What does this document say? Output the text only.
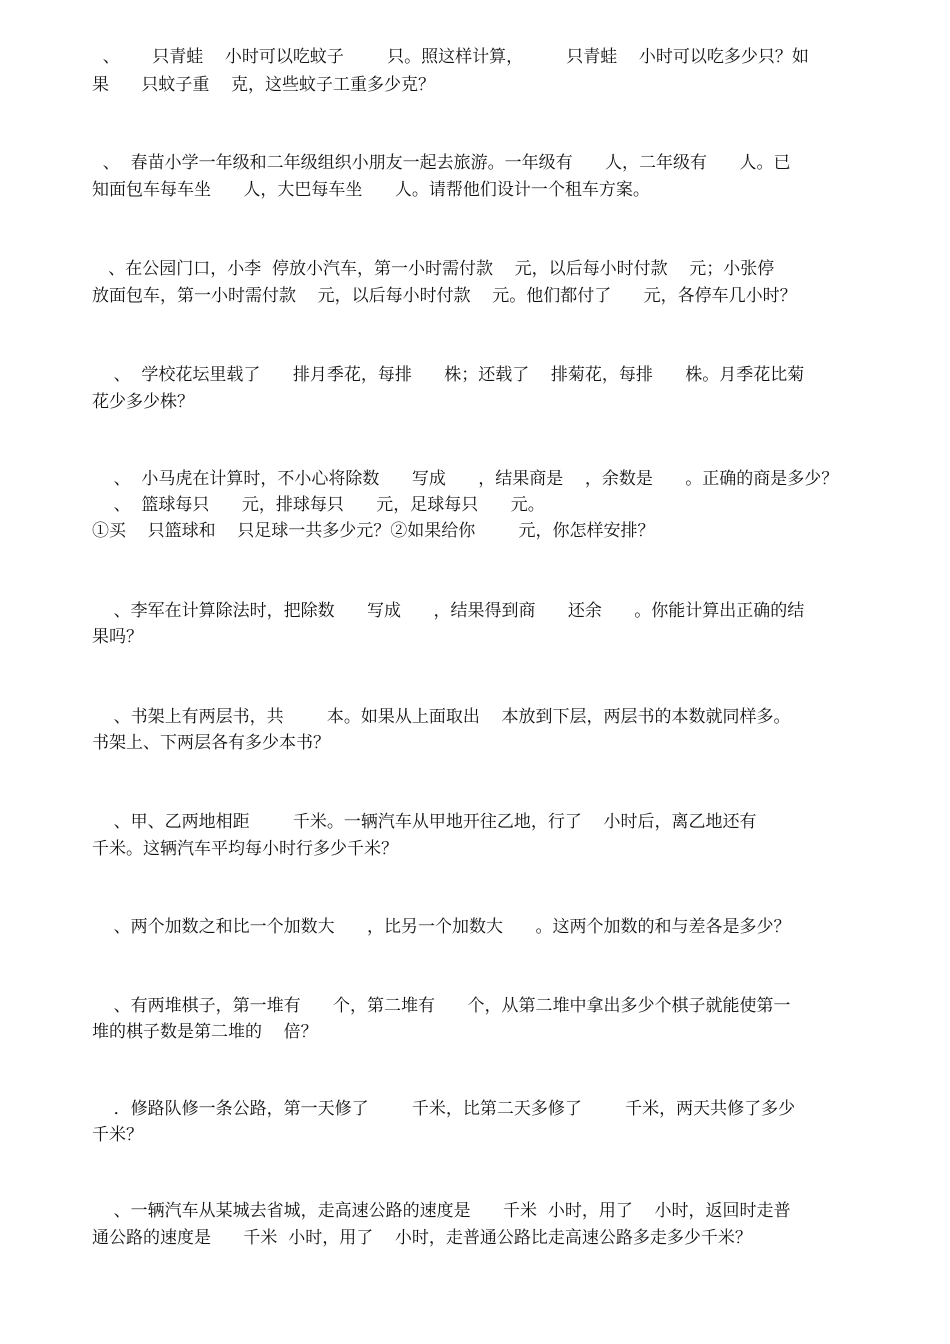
、      只青蛙    小时可以吃蚊子        只。照这样计算，        只青蛙    小时可以吃多少只？如

果      只蚊子重    克，这些蚊子工重多少克？

、  春苗小学一年级和二年级组织小朋友一起去旅游。一年级有      人，二年级有      人。已

知面包车每车坐      人，大巴每车坐      人。请帮他们设计一个租车方案。

、在公园门口，小李  停放小汽车，第一小时需付款    元，以后每小时付款    元；小张停

放面包车，第一小时需付款    元，以后每小时付款    元。他们都付了      元，各停车几小时？

、  学校花坛里载了      排月季花，每排      株；还载了    排菊花，每排      株。月季花比菊

花少多少株？

、  小马虎在计算时，不小心将除数      写成      ，结果商是    ，余数是      。正确的商是多少？

、  篮球每只      元，排球每只      元，足球每只      元。

①买    只篮球和    只足球一共多少元？②如果给你        元，你怎样安排？

、李军在计算除法时，把除数      写成      ，结果得到商      还余      。你能计算出正确的结

果吗？

、书架上有两层书，共        本。如果从上面取出    本放到下层，两层书的本数就同样多。

书架上、下两层各有多少本书？

、甲、乙两地相距        千米。一辆汽车从甲地开往乙地，行了    小时后，离乙地还有

千米。这辆汽车平均每小时行多少千米？

、两个加数之和比一个加数大      ，比另一个加数大      。这两个加数的和与差各是多少？

、有两堆棋子，第一堆有      个，第二堆有      个，从第二堆中拿出多少个棋子就能使第一

堆的棋子数是第二堆的    倍？

．修路队修一条公路，第一天修了        千米，比第二天多修了        千米，两天共修了多少

千米？

、一辆汽车从某城去省城，走高速公路的速度是      千米  小时，用了    小时，返回时走普

通公路的速度是      千米  小时，用了    小时，走普通公路比走高速公路多走多少千米？
